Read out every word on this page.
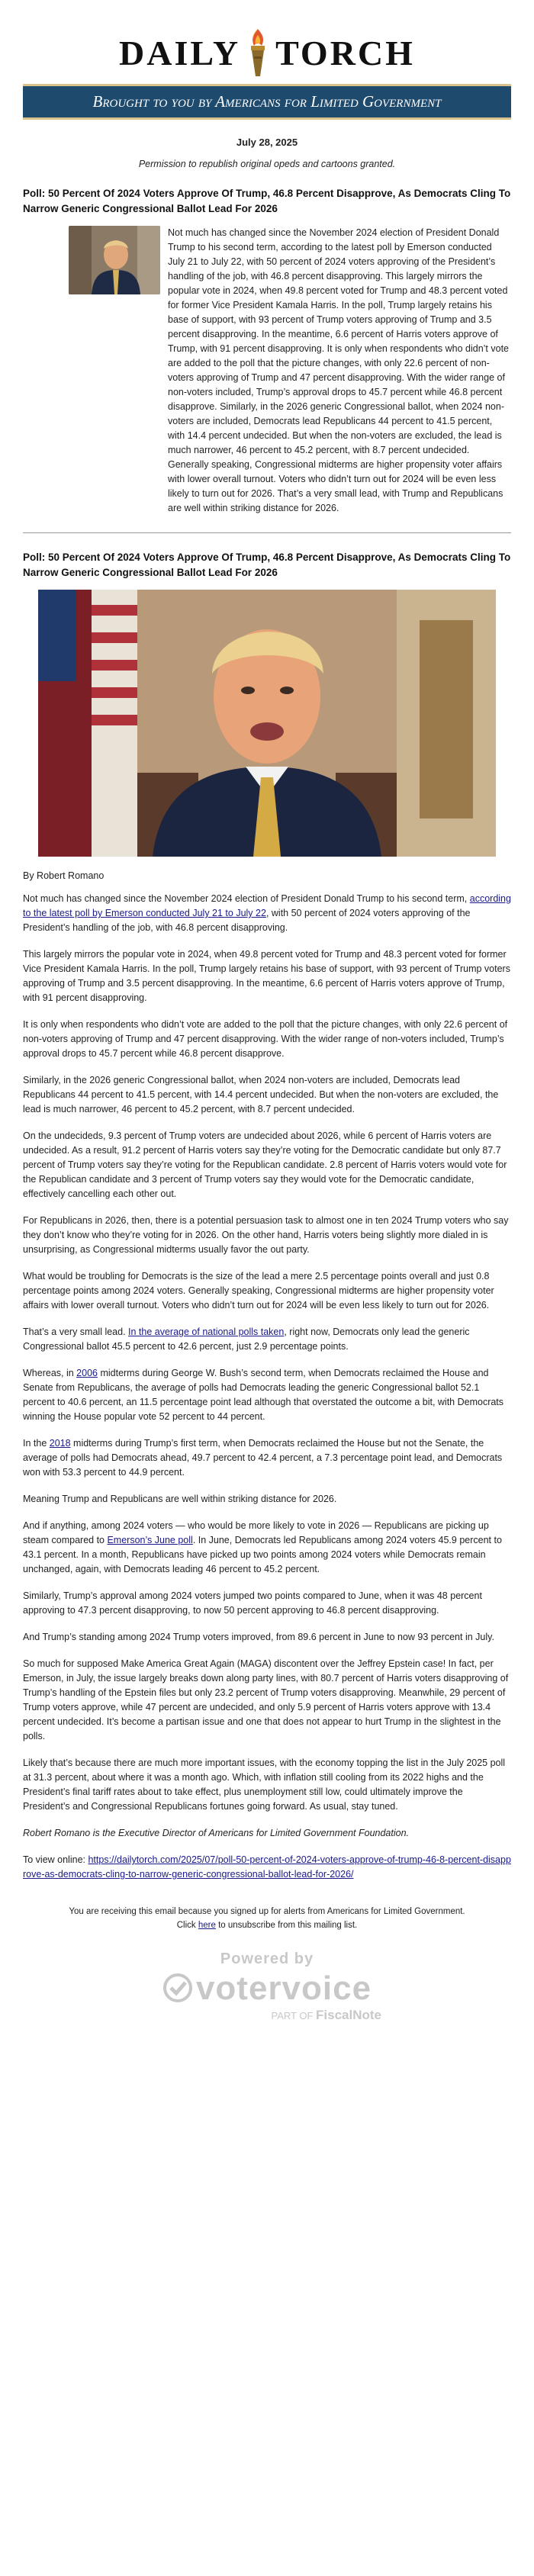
DAILY TORCH
Brought to you by Americans for Limited Government
July 28, 2025
Permission to republish original opeds and cartoons granted.
Poll: 50 Percent Of 2024 Voters Approve Of Trump, 46.8 Percent Disapprove, As Democrats Cling To Narrow Generic Congressional Ballot Lead For 2026
Not much has changed since the November 2024 election of President Donald Trump to his second term, according to the latest poll by Emerson conducted July 21 to July 22, with 50 percent of 2024 voters approving of the President’s handling of the job, with 46.8 percent disapproving. This largely mirrors the popular vote in 2024, when 49.8 percent voted for Trump and 48.3 percent voted for former Vice President Kamala Harris. In the poll, Trump largely retains his base of support, with 93 percent of Trump voters approving of Trump and 3.5 percent disapproving. In the meantime, 6.6 percent of Harris voters approve of Trump, with 91 percent disapproving. It is only when respondents who didn’t vote are added to the poll that the picture changes, with only 22.6 percent of non-voters approving of Trump and 47 percent disapproving. With the wider range of non-voters included, Trump’s approval drops to 45.7 percent while 46.8 percent disapprove. Similarly, in the 2026 generic Congressional ballot, when 2024 non-voters are included, Democrats lead Republicans 44 percent to 41.5 percent, with 14.4 percent undecided. But when the non-voters are excluded, the lead is much narrower, 46 percent to 45.2 percent, with 8.7 percent undecided. Generally speaking, Congressional midterms are higher propensity voter affairs with lower overall turnout. Voters who didn’t turn out for 2024 will be even less likely to turn out for 2026. That’s a very small lead, with Trump and Republicans are well within striking distance for 2026.
Poll: 50 Percent Of 2024 Voters Approve Of Trump, 46.8 Percent Disapprove, As Democrats Cling To Narrow Generic Congressional Ballot Lead For 2026
By Robert Romano

Not much has changed since the November 2024 election of President Donald Trump to his second term, according to the latest poll by Emerson conducted July 21 to July 22, with 50 percent of 2024 voters approving of the President’s handling of the job, with 46.8 percent disapproving.

This largely mirrors the popular vote in 2024, when 49.8 percent voted for Trump and 48.3 percent voted for former Vice President Kamala Harris. In the poll, Trump largely retains his base of support, with 93 percent of Trump voters approving of Trump and 3.5 percent disapproving. In the meantime, 6.6 percent of Harris voters approve of Trump, with 91 percent disapproving.

It is only when respondents who didn’t vote are added to the poll that the picture changes, with only 22.6 percent of non-voters approving of Trump and 47 percent disapproving. With the wider range of non-voters included, Trump’s approval drops to 45.7 percent while 46.8 percent disapprove.

Similarly, in the 2026 generic Congressional ballot, when 2024 non-voters are included, Democrats lead Republicans 44 percent to 41.5 percent, with 14.4 percent undecided. But when the non-voters are excluded, the lead is much narrower, 46 percent to 45.2 percent, with 8.7 percent undecided.

On the undecideds, 9.3 percent of Trump voters are undecided about 2026, while 6 percent of Harris voters are undecided. As a result, 91.2 percent of Harris voters say they’re voting for the Democratic candidate but only 87.7 percent of Trump voters say they’re voting for the Republican candidate. 2.8 percent of Harris voters would vote for the Republican candidate and 3 percent of Trump voters say they would vote for the Democratic candidate, effectively cancelling each other out.

For Republicans in 2026, then, there is a potential persuasion task to almost one in ten 2024 Trump voters who say they don’t know who they’re voting for in 2026. On the other hand, Harris voters being slightly more dialed in is unsurprising, as Congressional midterms usually favor the out party.

What would be troubling for Democrats is the size of the lead a mere 2.5 percentage points overall and just 0.8 percentage points among 2024 voters. Generally speaking, Congressional midterms are higher propensity voter affairs with lower overall turnout. Voters who didn’t turn out for 2024 will be even less likely to turn out for 2026.

That’s a very small lead. In the average of national polls taken, right now, Democrats only lead the generic Congressional ballot 45.5 percent to 42.6 percent, just 2.9 percentage points.

Whereas, in 2006 midterms during George W. Bush’s second term, when Democrats reclaimed the House and Senate from Republicans, the average of polls had Democrats leading the generic Congressional ballot 52.1 percent to 40.6 percent, an 11.5 percentage point lead although that overstated the outcome a bit, with Democrats winning the House popular vote 52 percent to 44 percent.

In the 2018 midterms during Trump’s first term, when Democrats reclaimed the House but not the Senate, the average of polls had Democrats ahead, 49.7 percent to 42.4 percent, a 7.3 percentage point lead, and Democrats won with 53.3 percent to 44.9 percent.

Meaning Trump and Republicans are well within striking distance for 2026.

And if anything, among 2024 voters — who would be more likely to vote in 2026 — Republicans are picking up steam compared to Emerson’s June poll. In June, Democrats led Republicans among 2024 voters 45.9 percent to 43.1 percent. In a month, Republicans have picked up two points among 2024 voters while Democrats remain unchanged, again, with Democrats leading 46 percent to 45.2 percent.

Similarly, Trump’s approval among 2024 voters jumped two points compared to June, when it was 48 percent approving to 47.3 percent disapproving, to now 50 percent approving to 46.8 percent disapproving.

And Trump’s standing among 2024 Trump voters improved, from 89.6 percent in June to now 93 percent in July.

So much for supposed Make America Great Again (MAGA) discontent over the Jeffrey Epstein case! In fact, per Emerson, in July, the issue largely breaks down along party lines, with 80.7 percent of Harris voters disapproving of Trump’s handling of the Epstein files but only 23.2 percent of Trump voters disapproving. Meanwhile, 29 percent of Trump voters approve, while 47 percent are undecided, and only 5.9 percent of Harris voters approve with 13.4 percent undecided. It’s become a partisan issue and one that does not appear to hurt Trump in the slightest in the polls.

Likely that’s because there are much more important issues, with the economy topping the list in the July 2025 poll at 31.3 percent, about where it was a month ago. Which, with inflation still cooling from its 2022 highs and the President’s final tariff rates about to take effect, plus unemployment still low, could ultimately improve the President’s and Congressional Republicans fortunes going forward. As usual, stay tuned.

Robert Romano is the Executive Director of Americans for Limited Government Foundation.

To view online: https://dailytorch.com/2025/07/poll-50-percent-of-2024-voters-approve-of-trump-46-8-percent-disapprove-as-democrats-cling-to-narrow-generic-congressional-ballot-lead-for-2026/

You are receiving this email because you signed up for alerts from Americans for Limited Government.
Click here to unsubscribe from this mailing list.
Powered by
votervoice
PART OF FiscalNote
